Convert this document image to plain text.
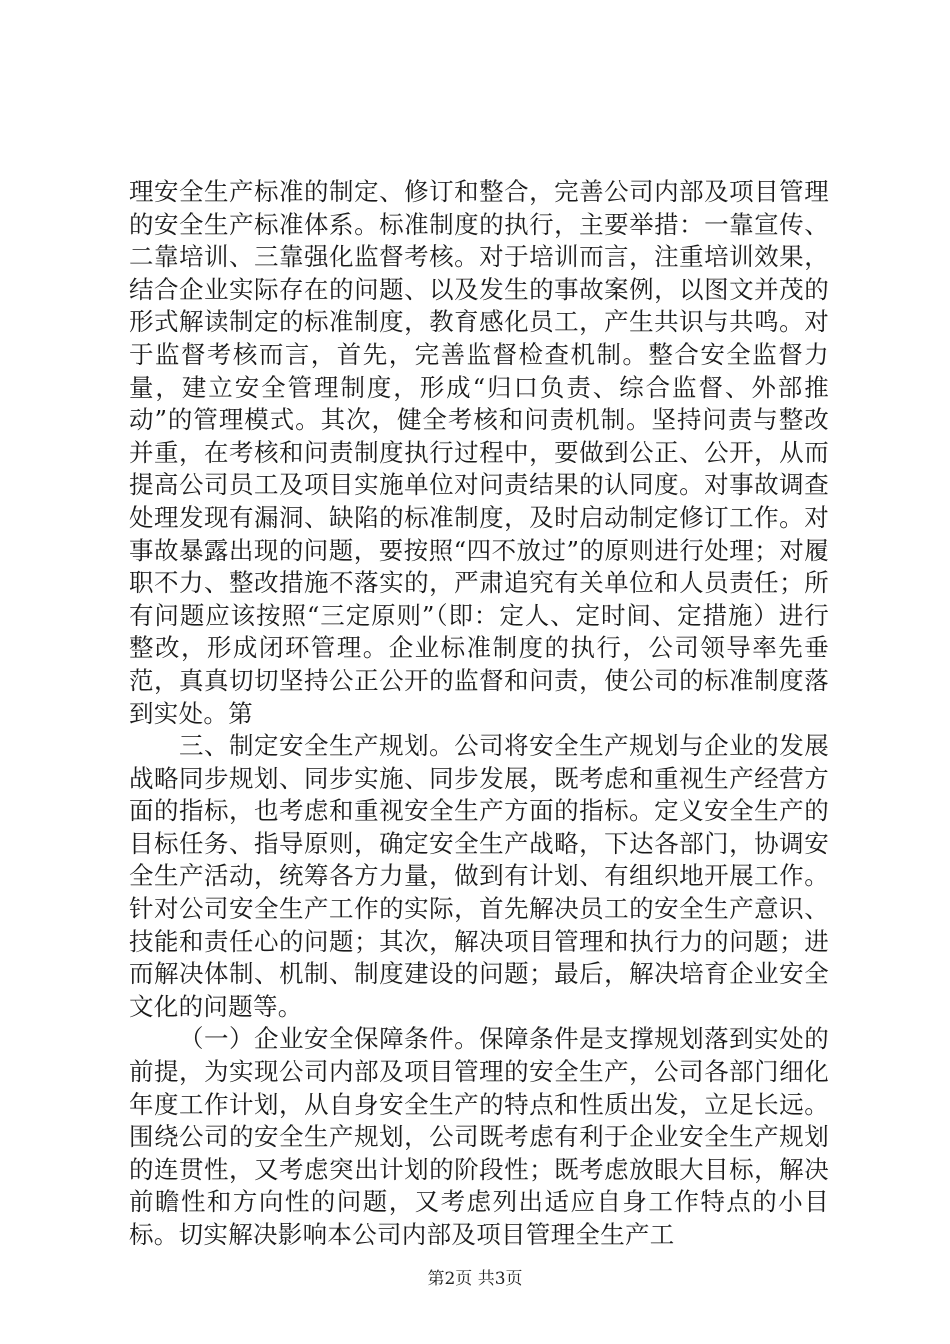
理安全生产标准的制定、修订和整合，完善公司内部及项目管理的安全生产标准体系。标准制度的执行，主要举措：一靠宣传、二靠培训、三靠强化监督考核。对于培训而言，注重培训效果，结合企业实际存在的问题、以及发生的事故案例，以图文并茂的形式解读制定的标准制度，教育感化员工，产生共识与共鸣。对于监督考核而言，首先，完善监督检查机制。整合安全监督力量，建立安全管理制度，形成“归口负责、综合监督、外部推动”的管理模式。其次，健全考核和问责机制。坚持问责与整改并重，在考核和问责制度执行过程中，要做到公正、公开，从而提高公司员工及项目实施单位对问责结果的认同度。对事故调查处理发现有漏洞、缺陷的标准制度，及时启动制定修订工作。对事故暴露出现的问题，要按照“四不放过”的原则进行处理；对履职不力、整改措施不落实的，严肃追究有关单位和人员责任；所有问题应该按照“三定原则”（即：定人、定时间、定措施）进行整改，形成闭环管理。企业标准制度的执行，公司领导率先垂范，真真切切坚持公正公开的监督和问责，使公司的标准制度落到实处。第

三、制定安全生产规划。公司将安全生产规划与企业的发展战略同步规划、同步实施、同步发展，既考虑和重视生产经营方面的指标，也考虑和重视安全生产方面的指标。定义安全生产的目标任务、指导原则，确定安全生产战略，下达各部门，协调安全生产活动，统筹各方力量，做到有计划、有组织地开展工作。针对公司安全生产工作的实际，首先解决员工的安全生产意识、技能和责任心的问题；其次，解决项目管理和执行力的问题；进而解决体制、机制、制度建设的问题；最后，解决培育企业安全文化的问题等。

（一）企业安全保障条件。保障条件是支撑规划落到实处的前提，为实现公司内部及项目管理的安全生产，公司各部门细化年度工作计划，从自身安全生产的特点和性质出发，立足长远。围绕公司的安全生产规划，公司既考虑有利于企业安全生产规划的连贯性，又考虑突出计划的阶段性；既考虑放眼大目标，解决前瞻性和方向性的问题，又考虑列出适应自身工作特点的小目标。切实解决影响本公司内部及项目管理全生产工

第2页 共3页
